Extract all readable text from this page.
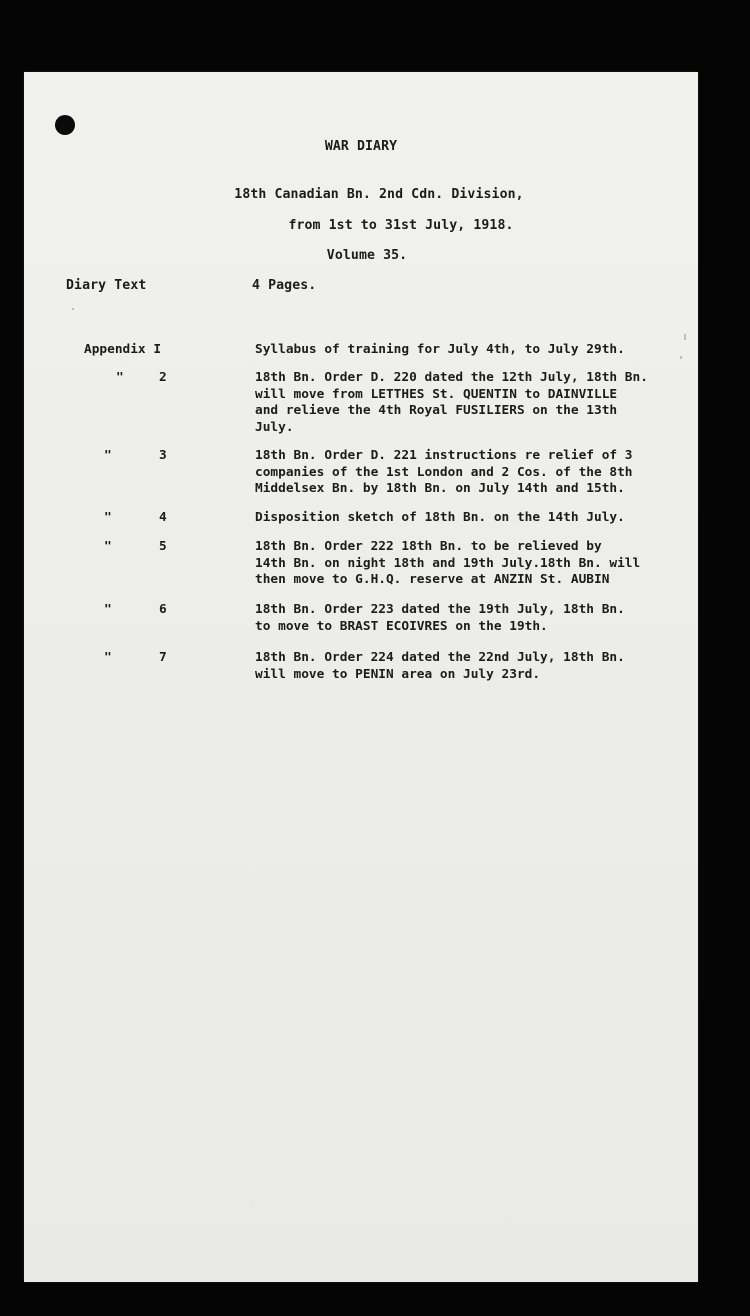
WAR DIARY
18th Canadian Bn. 2nd Cdn. Division,
from 1st to 31st July, 1918.
Volume 35.
Diary Text	4 Pages.
Appendix I	Syllabus of training for July 4th, to July 29th.
"	2	18th Bn. Order D. 220 dated the 12th July, 18th Bn.
will move from LETTHES St. QUENTIN to DAINVILLE
and relieve the 4th Royal FUSILIERS on the 13th
July.
"	3	18th Bn. Order D. 221 instructions re relief of 3
companies of the 1st London and 2 Cos. of the 8th
Middelsex Bn. by 18th Bn. on July 14th and 15th.
"	4	Disposition sketch of 18th Bn. on the 14th July.
"	5	18th Bn. Order 222 18th Bn. to be relieved by
14th Bn. on night 18th and 19th July.18th Bn. will
then move to G.H.Q. reserve at ANZIN St. AUBIN
"	6	18th Bn. Order 223 dated the 19th July, 18th Bn.
to move to BRAST ECOIVRES on the 19th.
"	7	18th Bn. Order 224 dated the 22nd July, 18th Bn.
will move to PENIN area on July 23rd.
